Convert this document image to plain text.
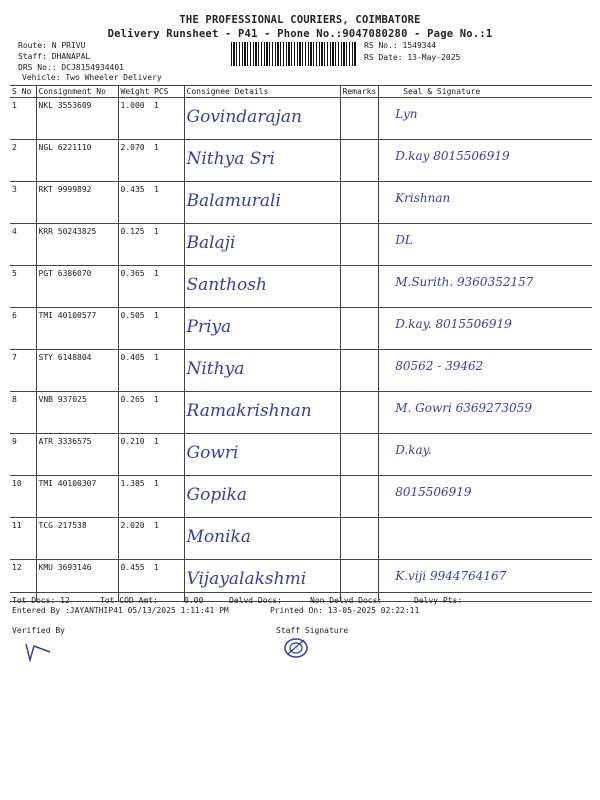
THE PROFESSIONAL COURIERS, COIMBATORE
Delivery Runsheet - P41 - Phone No.:9047080280 - Page No.:1
Route: N PRIVU
Staff: DHANAPAL
DRS No.: DCJ8154934401
Vehicle: Two Wheeler Delivery
RS No.: 1549344
RS Date: 13-May-2025
S No	Consignment No	Weight	PCS	Consignee Details	Remarks	Seal & Signature
1	NKL 3553609	1.000	1	Govindarajan		Lyn
2	NGL 6221110	2.070	1	Nithya Sri		D.kay 8015506919
3	RKT 9999892	0.435	1	Balamurali		Krishnan
4	KRR 50243825	0.125	1	Balaji		DL
5	PGT 6386070	0.365	1	Santhosh		M.Surith. 9360352157
6	TMI 40100577	0.505	1	Priya		D.kay. 8015506919
7	STY 6148804	0.405	1	Nithya		80562 - 39462
8	VNB 937025	0.265	1	Ramakrishnan		M. Gowri 6369273059
9	ATR 3336575	0.210	1	Gowri		D.kay.
10	TMI 40100307	1.385	1	Gopika		8015506919
11	TCG 217538	2.020	1	Monika		
12	KMU 3693146	0.455	1	Vijayalakshmi		K.viji 9944764167
Tot Docs: 12	Tot COD Amt:	0.00	Delvd Docs:	Non Delvd Docs:	Delvy Pts:
Entered By :JAYANTHIP41 05/13/2025 1:11:41 PM	Printed On: 13-05-2025 02:22:11
Verified By	Staff Signature
